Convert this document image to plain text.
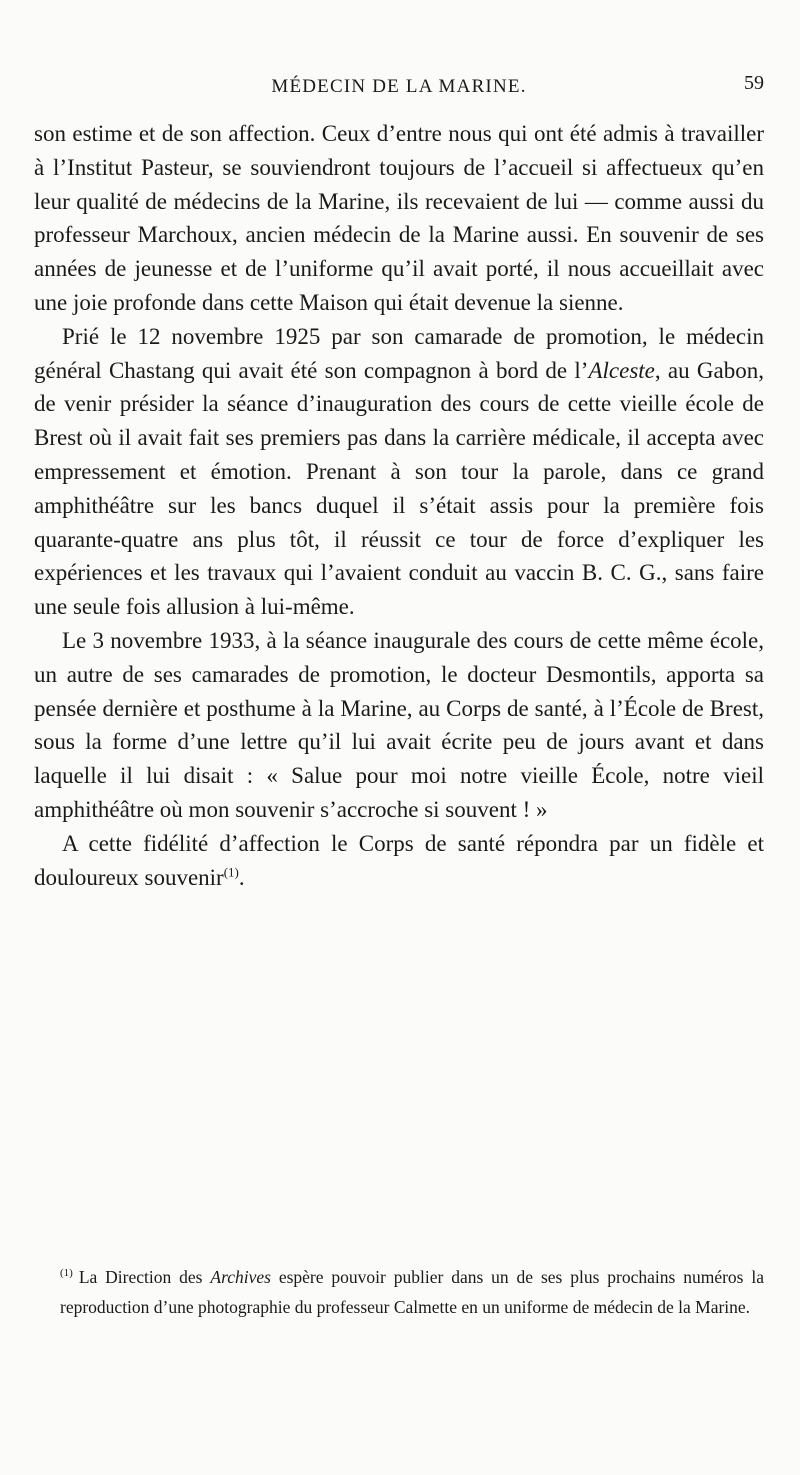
MÉDECIN DE LA MARINE.	59

son estime et de son affection. Ceux d’entre nous qui ont été admis à travailler à l’Institut Pasteur, se souviendront toujours de l’accueil si affectueux qu’en leur qualité de médecins de la Marine, ils recevaient de lui — comme aussi du professeur Marchoux, ancien médecin de la Marine aussi. En souvenir de ses années de jeunesse et de l’uniforme qu’il avait porté, il nous accueillait avec une joie profonde dans cette Maison qui était devenue la sienne.

Prié le 12 novembre 1925 par son camarade de promotion, le médecin général Chastang qui avait été son compagnon à bord de l’Alceste, au Gabon, de venir présider la séance d’inauguration des cours de cette vieille école de Brest où il avait fait ses premiers pas dans la carrière médicale, il accepta avec empressement et émotion. Prenant à son tour la parole, dans ce grand amphithéâtre sur les bancs duquel il s’était assis pour la première fois quarante-quatre ans plus tôt, il réussit ce tour de force d’expliquer les expériences et les travaux qui l’avaient conduit au vaccin B. C. G., sans faire une seule fois allusion à lui-même.

Le 3 novembre 1933, à la séance inaugurale des cours de cette même école, un autre de ses camarades de promotion, le docteur Desmontils, apporta sa pensée dernière et posthume à la Marine, au Corps de santé, à l’École de Brest, sous la forme d’une lettre qu’il lui avait écrite peu de jours avant et dans laquelle il lui disait : « Salue pour moi notre vieille École, notre vieil amphithéâtre où mon souvenir s’accroche si souvent ! »

A cette fidélité d’affection le Corps de santé répondra par un fidèle et douloureux souvenir$^{(1)}$.

$^{(1)}$ La Direction des Archives espère pouvoir publier dans un de ses plus prochains numéros la reproduction d’une photographie du professeur Calmette en un uniforme de médecin de la Marine.
